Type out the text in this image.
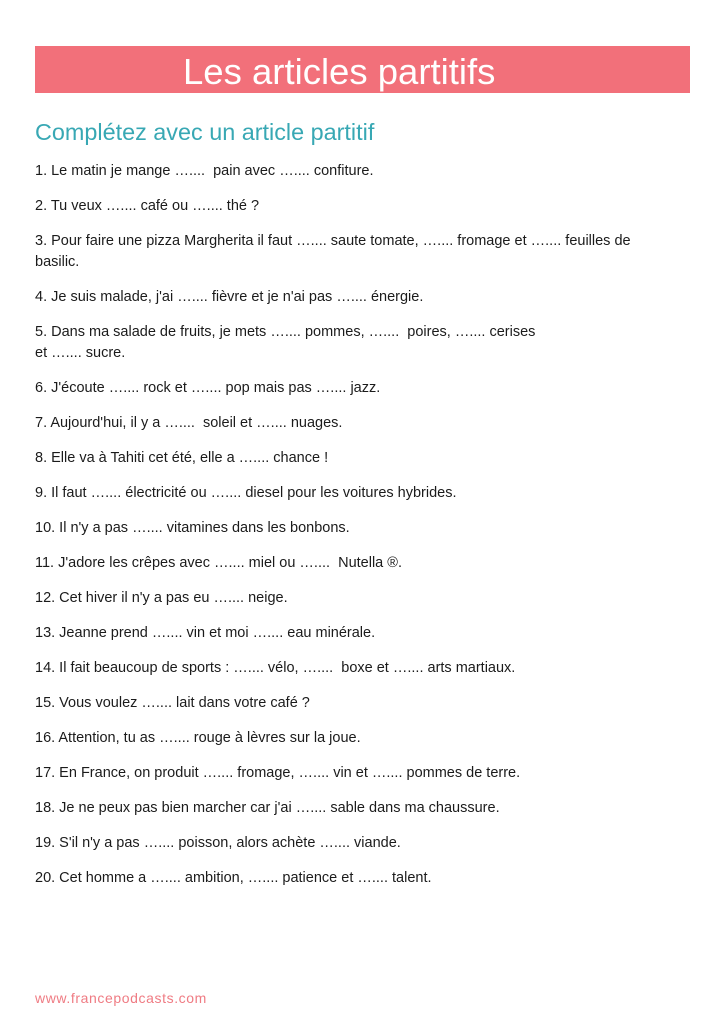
Les articles partitifs
Complétez avec un article partitif
1. Le matin je mange …....  pain avec ….... confiture.
2. Tu veux ….... café ou ….... thé ?
3. Pour faire une pizza Margherita il faut ….... saute tomate, ….... fromage et ….... feuilles de
basilic.
4. Je suis malade, j'ai ….... fièvre et je n'ai pas ….... énergie.
5. Dans ma salade de fruits, je mets ….... pommes, …....  poires, ….... cerises
et ….... sucre.
6. J'écoute ….... rock et ….... pop mais pas ….... jazz.
7. Aujourd'hui, il y a …....  soleil et ….... nuages.
8. Elle va à Tahiti cet été, elle a ….... chance !
9. Il faut ….... électricité ou ….... diesel pour les voitures hybrides.
10. Il n'y a pas ….... vitamines dans les bonbons.
11. J'adore les crêpes avec ….... miel ou …....  Nutella ®.
12. Cet hiver il n'y a pas eu ….... neige.
13. Jeanne prend ….... vin et moi ….... eau minérale.
14. Il fait beaucoup de sports : ….... vélo, …....  boxe et ….... arts martiaux.
15. Vous voulez ….... lait dans votre café ?
16. Attention, tu as ….... rouge à lèvres sur la joue.
17. En France, on produit ….... fromage, ….... vin et ….... pommes de terre.
18. Je ne peux pas bien marcher car j'ai ….... sable dans ma chaussure.
19. S'il n'y a pas ….... poisson, alors achète ….... viande.
20. Cet homme a ….... ambition, ….... patience et ….... talent.
www.francepodcasts.com
